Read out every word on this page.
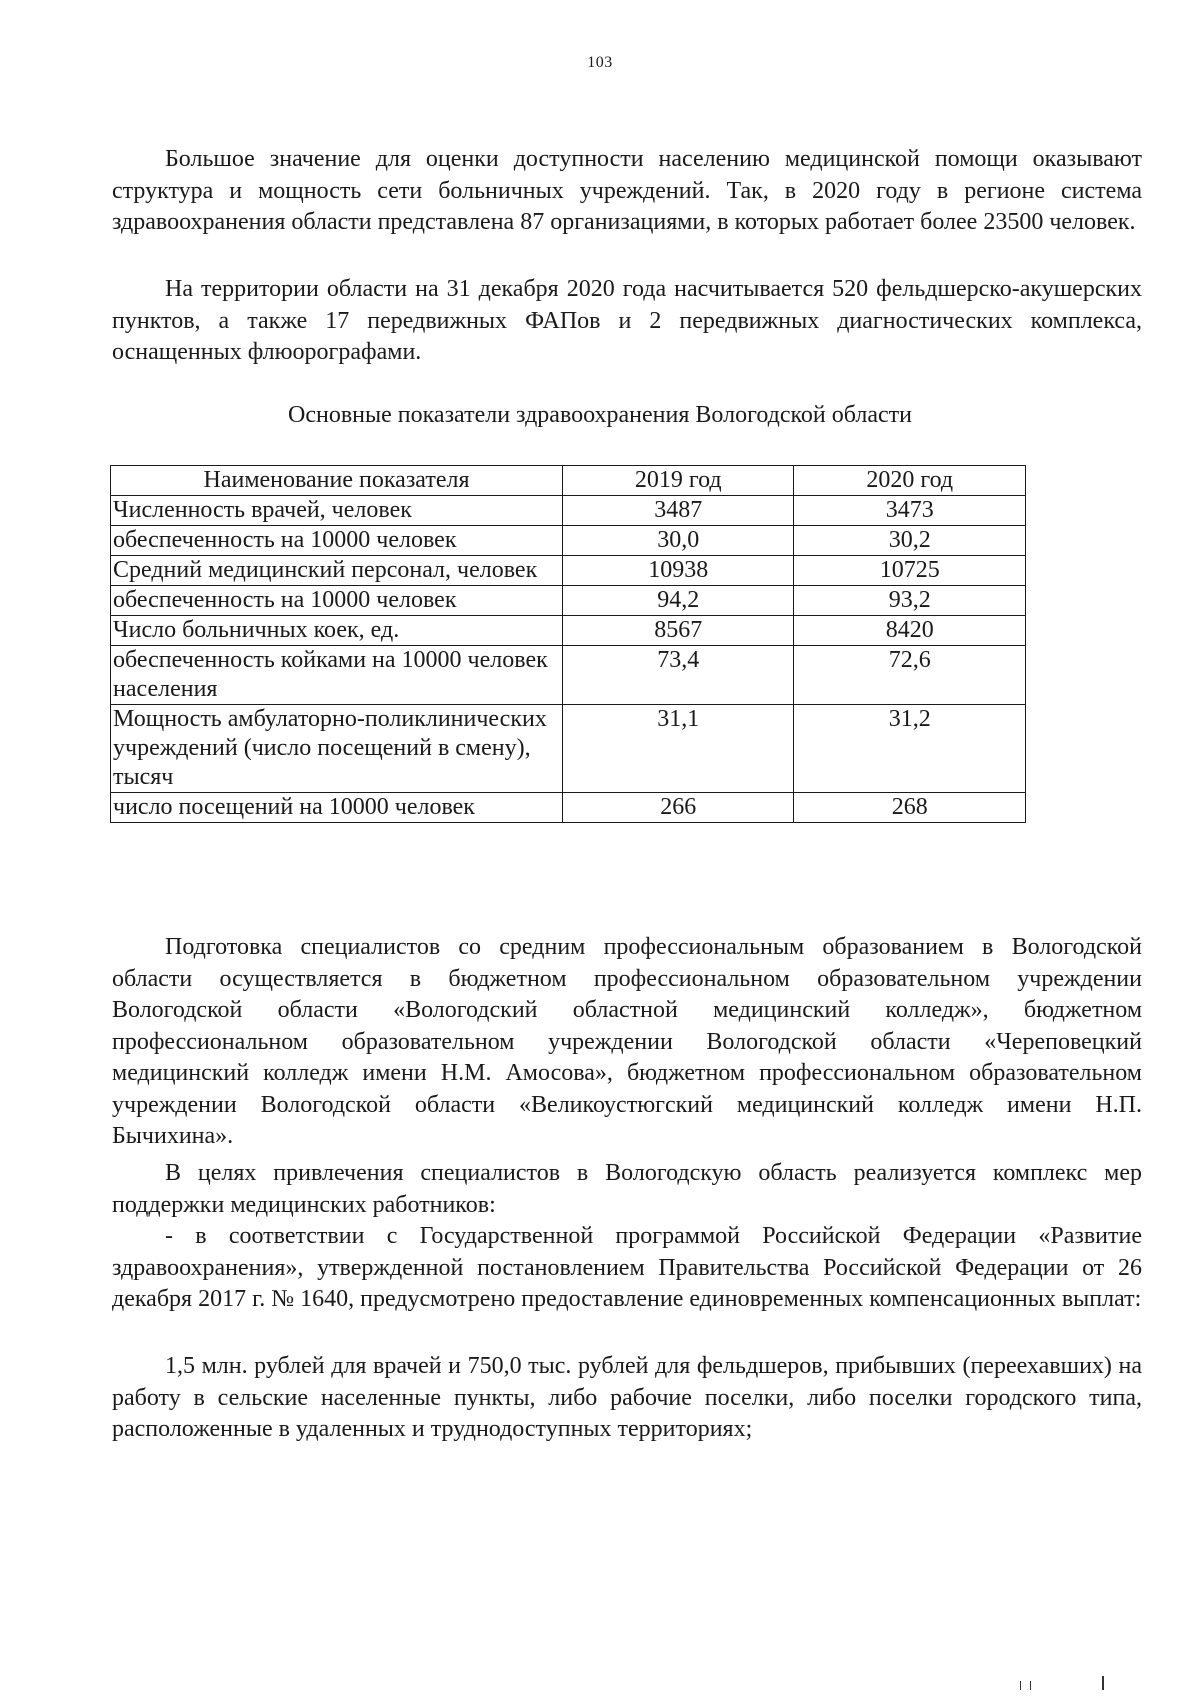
103

Большое значение для оценки доступности населению медицинской помощи оказывают структура и мощность сети больничных учреждений. Так, в 2020 году в регионе система здравоохранения области представлена 87 организациями, в которых работает более 23500 человек.

На территории области на 31 декабря 2020 года насчитывается 520 фельдшерско-акушерских пунктов, а также 17 передвижных ФАПов и 2 передвижных диагностических комплекса, оснащенных флюорографами.

Основные показатели здравоохранения Вологодской области
Наименование показателя	2019 год	2020 год
Численность врачей, человек	3487	3473
обеспеченность на 10000 человек	30,0	30,2
Средний медицинский персонал, человек	10938	10725
обеспеченность на 10000 человек	94,2	93,2
Число больничных коек, ед.	8567	8420
обеспеченность койками на 10000 человек населения	73,4	72,6
Мощность амбулаторно-поликлинических учреждений (число посещений в смену), тысяч	31,1	31,2
число посещений на 10000 человек	266	268

Подготовка специалистов со средним профессиональным образованием в Вологодской области осуществляется в бюджетном профессиональном образовательном учреждении Вологодской области «Вологодский областной медицинский колледж», бюджетном профессиональном образовательном учреждении Вологодской области «Череповецкий медицинский колледж имени Н.М. Амосова», бюджетном профессиональном образовательном учреждении Вологодской области «Великоустюгский медицинский колледж имени Н.П. Бычихина».

В целях привлечения специалистов в Вологодскую область реализуется комплекс мер поддержки медицинских работников:

- в соответствии с Государственной программой Российской Федерации «Развитие здравоохранения», утвержденной постановлением Правительства Российской Федерации от 26 декабря 2017 г. № 1640, предусмотрено предоставление единовременных компенсационных выплат:

1,5 млн. рублей для врачей и 750,0 тыс. рублей для фельдшеров, прибывших (переехавших) на работу в сельские населенные пункты, либо рабочие поселки, либо поселки городского типа, расположенные в удаленных и труднодоступных территориях;
